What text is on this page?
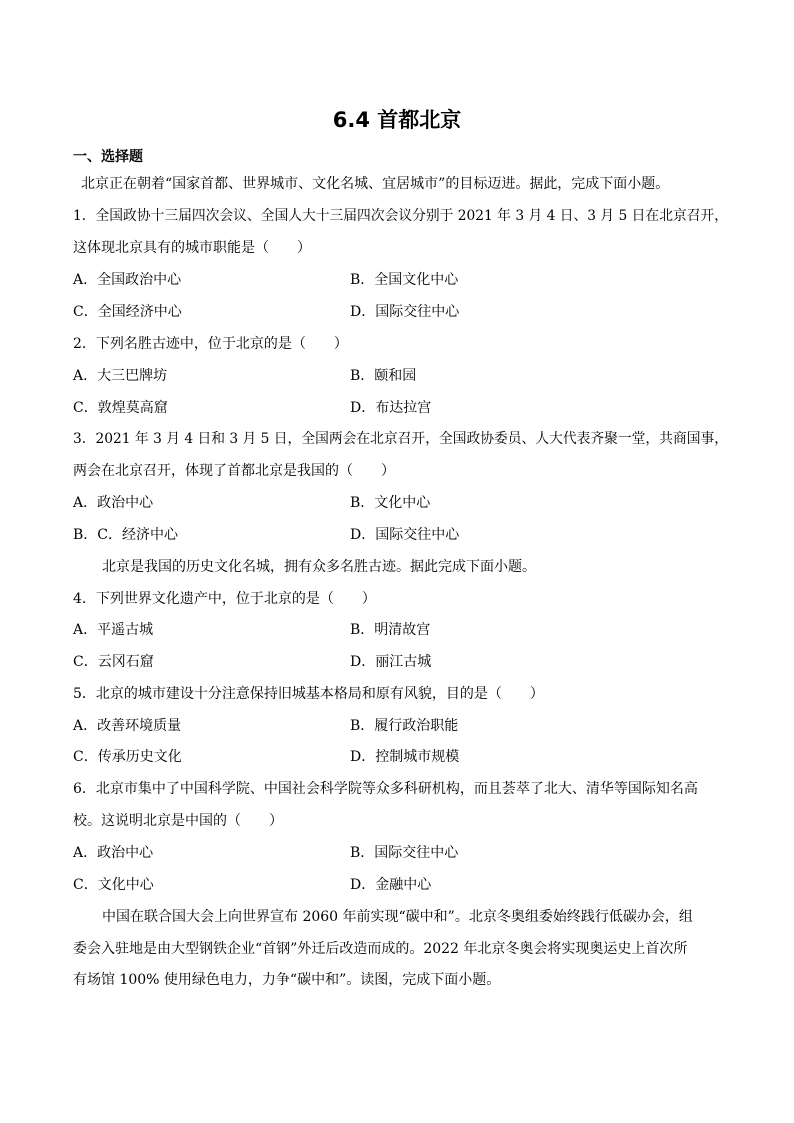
6.4 首都北京
一、选择题
北京正在朝着“国家首都、世界城市、文化名城、宜居城市”的目标迈进。据此，完成下面小题。
1．全国政协十三届四次会议、全国人大十三届四次会议分别于 2021 年 3 月 4 日、3 月 5 日在北京召开，
这体现北京具有的城市职能是（　　）
A．全国政治中心	B．全国文化中心
C．全国经济中心	D．国际交往中心
2．下列名胜古迹中，位于北京的是（　　）
A．大三巴牌坊	B．颐和园
C．敦煌莫高窟	D．布达拉宫
3．2021 年 3 月 4 日和 3 月 5 日，全国两会在北京召开，全国政协委员、人大代表齐聚一堂，共商国事，
两会在北京召开，体现了首都北京是我国的（　　）
A．政治中心	B．文化中心
B．C．经济中心	D．国际交往中心
北京是我国的历史文化名城，拥有众多名胜古迹。据此完成下面小题。
4．下列世界文化遗产中，位于北京的是（　　）
A．平遥古城	B．明清故宫
C．云冈石窟	D．丽江古城
5．北京的城市建设十分注意保持旧城基本格局和原有风貌，目的是（　　）
A．改善环境质量	B．履行政治职能
C．传承历史文化	D．控制城市规模
6．北京市集中了中国科学院、中国社会科学院等众多科研机构，而且荟萃了北大、清华等国际知名高
校。这说明北京是中国的（　　）
A．政治中心	B．国际交往中心
C．文化中心	D．金融中心
中国在联合国大会上向世界宣布 2060 年前实现“碳中和”。北京冬奥组委始终践行低碳办会，组
委会入驻地是由大型钢铁企业“首钢”外迁后改造而成的。2022 年北京冬奥会将实现奥运史上首次所
有场馆 100% 使用绿色电力，力争“碳中和”。读图，完成下面小题。
